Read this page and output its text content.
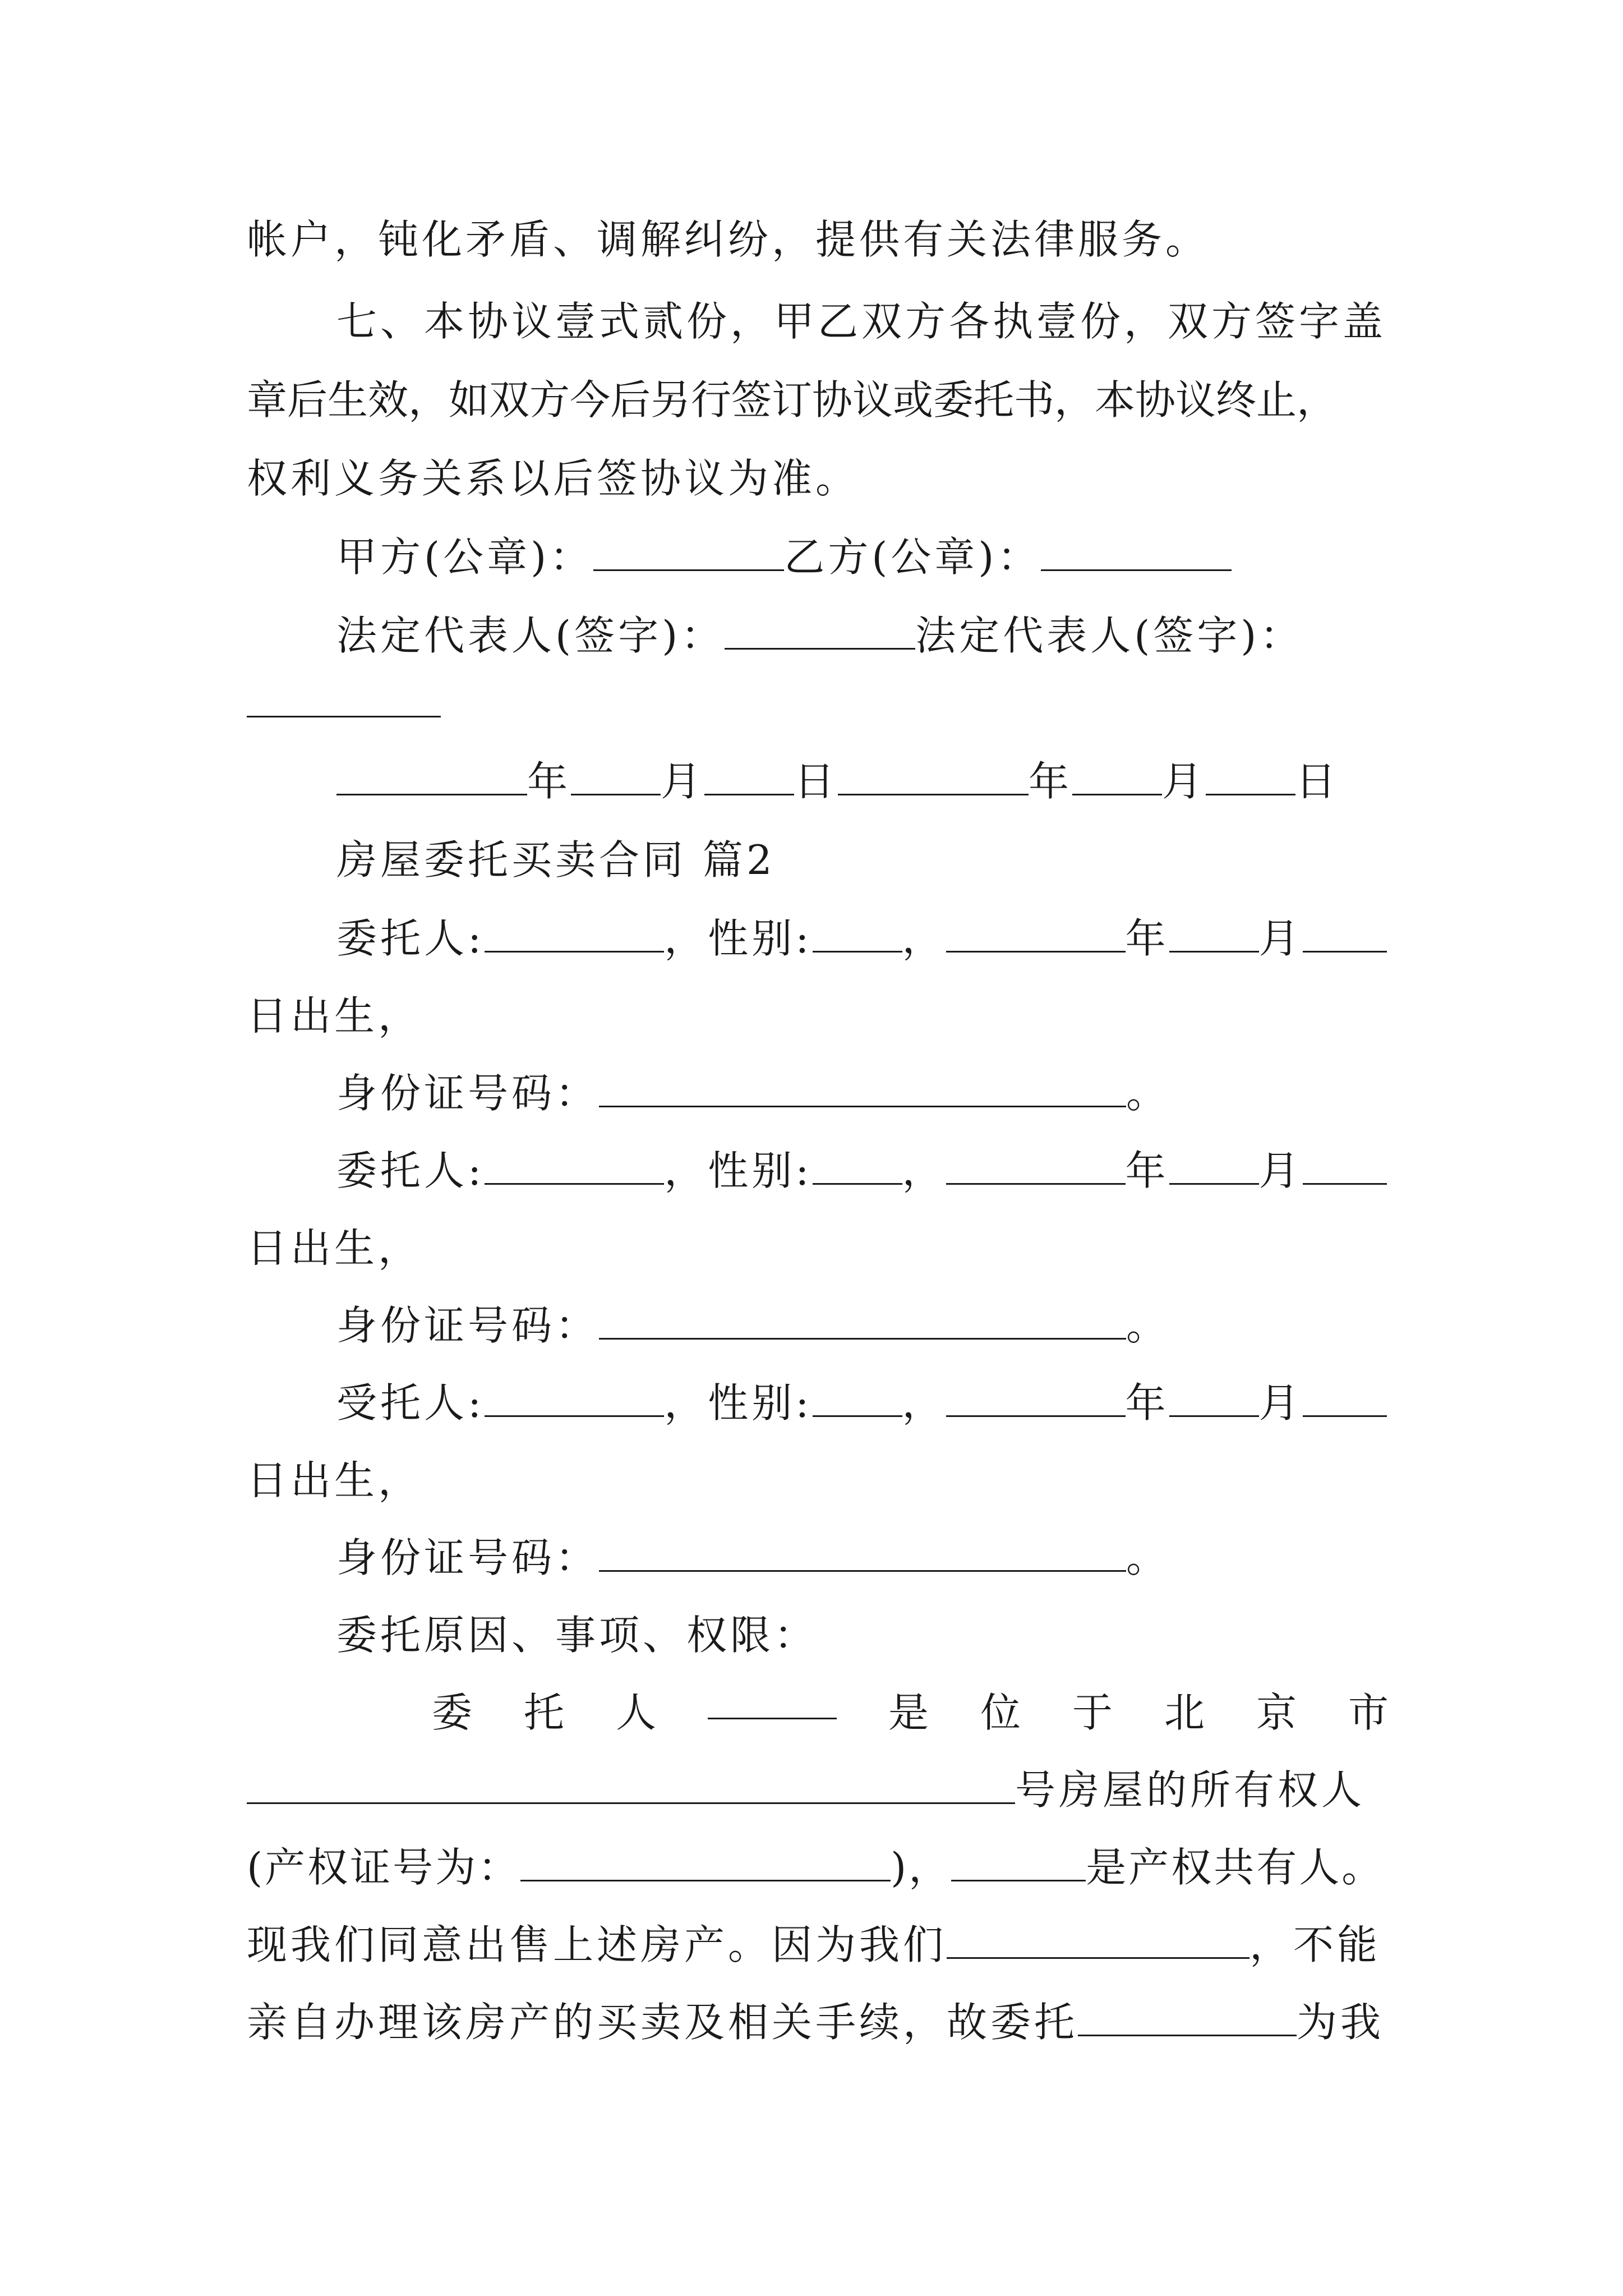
帐户，钝化矛盾、调解纠纷，提供有关法律服务。
七、本协议壹式贰份，甲乙双方各执壹份，双方签字盖
章后生效，如双方今后另行签订协议或委托书，本协议终止，
权利义务关系以后签协议为准。
甲方(公章)：	乙方(公章)：
法定代表人(签字)：	法定代表人(签字)：
年 月 日	年 月 日
房屋委托买卖合同 篇2
委托人:	，性别: ，	年 月
日出生，
身份证号码：	。
委托人:	，性别: ，	年 月
日出生，
身份证号码：	。
受托人:	，性别: ，	年 月
日出生，
身份证号码：	。
委托原因、事项、权限：
委 托 人	是 位 于 北 京 市
号房屋的所有权人
(产权证号为：	)，	是产权共有人。
现我们同意出售上述房产。因为我们	，不能
亲自办理该房产的买卖及相关手续，故委托	为我
